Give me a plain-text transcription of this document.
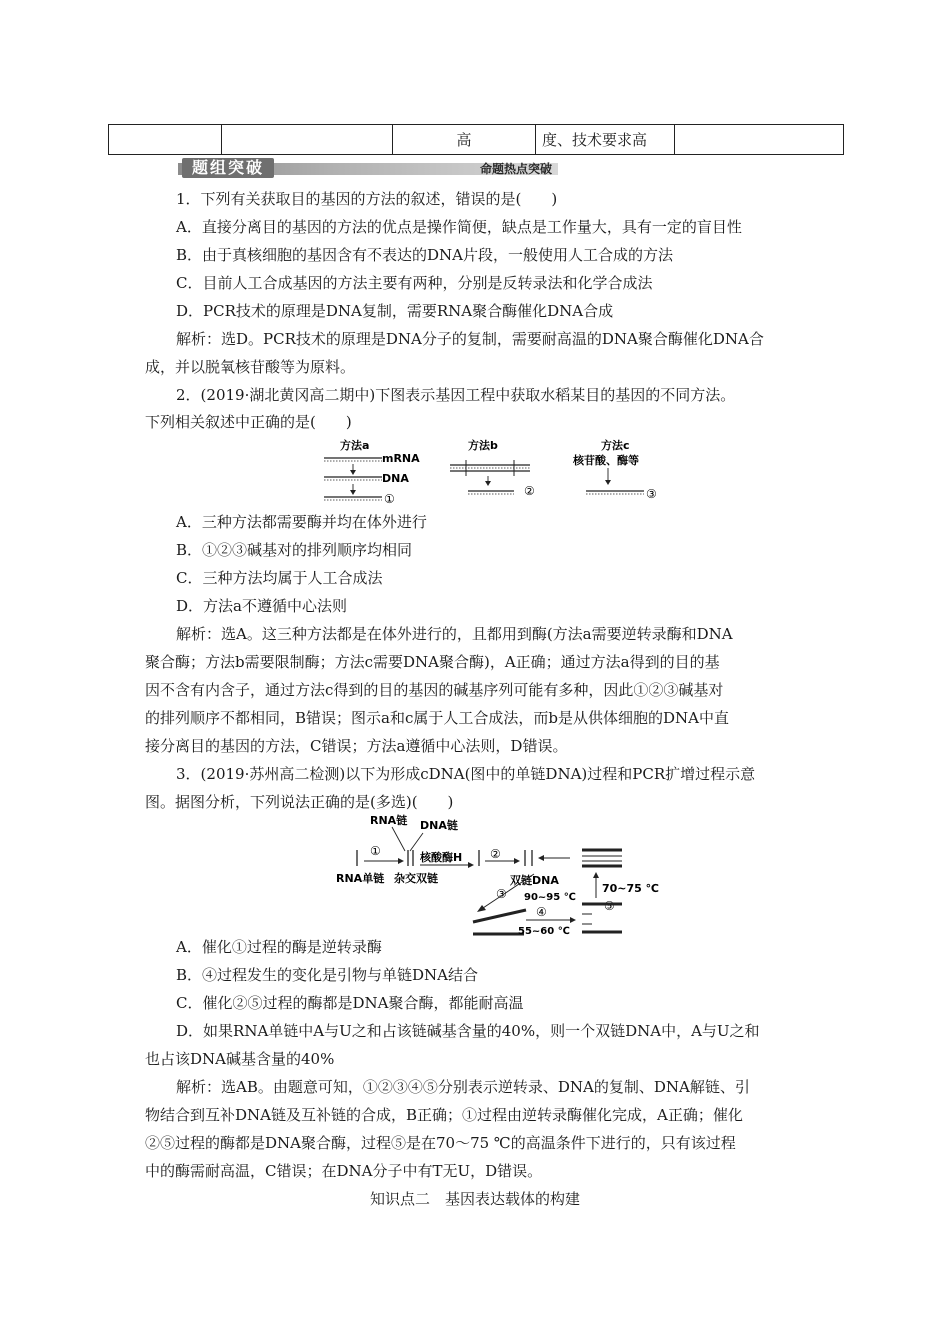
		高	度、技术要求高	
题组突破	命题热点突破
1．下列有关获取目的基因的方法的叙述，错误的是(　　)
A．直接分离目的基因的方法的优点是操作简便，缺点是工作量大，具有一定的盲目性
B．由于真核细胞的基因含有不表达的DNA片段，一般使用人工合成的方法
C．目前人工合成基因的方法主要有两种，分别是反转录法和化学合成法
D．PCR技术的原理是DNA复制，需要RNA聚合酶催化DNA合成
解析：选D。PCR技术的原理是DNA分子的复制，需要耐高温的DNA聚合酶催化DNA合
成，并以脱氧核苷酸等为原料。
2．(2019·湖北黄冈高二期中)下图表示基因工程中获取水稻某目的基因的不同方法。
下列相关叙述中正确的是(　　)
方法a
mRNA
DNA
①
方法b
②
方法c
核苷酸、酶等
③
A．三种方法都需要酶并均在体外进行
B．①②③碱基对的排列顺序均相同
C．三种方法均属于人工合成法
D．方法a不遵循中心法则
解析：选A。这三种方法都是在体外进行的，且都用到酶(方法a需要逆转录酶和DNA
聚合酶；方法b需要限制酶；方法c需要DNA聚合酶)，A正确；通过方法a得到的目的基
因不含有内含子，通过方法c得到的目的基因的碱基序列可能有多种，因此①②③碱基对
的排列顺序不都相同，B错误；图示a和c属于人工合成法，而b是从供体细胞的DNA中直
接分离目的基因的方法，C错误；方法a遵循中心法则，D错误。
3．(2019·苏州高二检测)以下为形成cDNA(图中的单链DNA)过程和PCR扩增过程示意
图。据图分析，下列说法正确的是(多选)(　　)
RNA链 DNA链
①	核酸酶H ②
RNA单链 杂交双链	双链DNA
③ 90~95 ℃
70~75 ℃
⑤
④
55~60 ℃
A．催化①过程的酶是逆转录酶
B．④过程发生的变化是引物与单链DNA结合
C．催化②⑤过程的酶都是DNA聚合酶，都能耐高温
D．如果RNA单链中A与U之和占该链碱基含量的40%，则一个双链DNA中，A与U之和
也占该DNA碱基含量的40%
解析：选AB。由题意可知，①②③④⑤分别表示逆转录、DNA的复制、DNA解链、引
物结合到互补DNA链及互补链的合成，B正确；①过程由逆转录酶催化完成，A正确；催化
②⑤过程的酶都是DNA聚合酶，过程⑤是在70～75 ℃的高温条件下进行的，只有该过程
中的酶需耐高温，C错误；在DNA分子中有T无U，D错误。
知识点二　基因表达载体的构建
